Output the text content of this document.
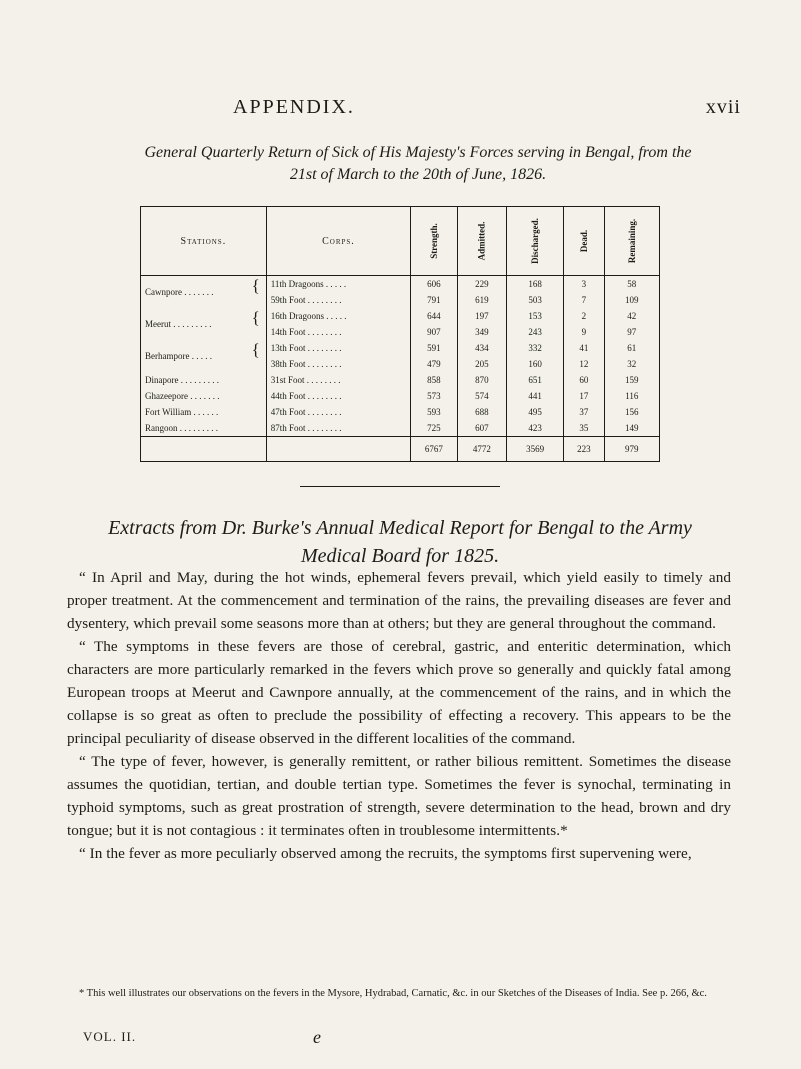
APPENDIX.	xvii
General Quarterly Return of Sick of His Majesty's Forces serving in Bengal, from the
21st of March to the 20th of June, 1826.
Stations.	Corps.	Strength.	Admitted.	Discharged.	Dead.	Remaining.

Cawnpore . . . . . . . {	11th Dragoons . . . . .	606	229	168	3	58
	59th Foot . . . . . . . .	791	619	503	7	109

Meerut . . . . . . . . . {	16th Dragoons . . . . .	644	197	153	2	42
	14th Foot . . . . . . . .	907	349	243	9	97

Berhampore . . . . . {	13th Foot . . . . . . . .	591	434	332	41	61
	38th Foot . . . . . . . .	479	205	160	12	32
Dinapore . . . . . . . . .	31st Foot . . . . . . . .	858	870	651	60	159
Ghazeepore . . . . . . .	44th Foot . . . . . . . .	573	574	441	17	116
Fort William . . . . . .	47th Foot . . . . . . . .	593	688	495	37	156
Rangoon . . . . . . . . .	87th Foot . . . . . . . .	725	607	423	35	149
		6767	4772	3569	223	979
Extracts from Dr. Burke's Annual Medical Report for Bengal to the Army
Medical Board for 1825.

“ In April and May, during the hot winds, ephemeral fevers prevail, which yield easily to timely and proper treatment. At the commencement and termination of the rains, the prevailing diseases are fever and dysentery, which prevail some seasons more than at others; but they are general throughout the command.

“ The symptoms in these fevers are those of cerebral, gastric, and enteritic determination, which characters are more particularly remarked in the fevers which prove so generally and quickly fatal among European troops at Meerut and Cawnpore annually, at the commencement of the rains, and in which the collapse is so great as often to preclude the possibility of effecting a recovery. This appears to be the principal peculiarity of disease observed in the different localities of the command.

“ The type of fever, however, is generally remittent, or rather bilious remittent. Sometimes the disease assumes the quotidian, tertian, and double tertian type. Sometimes the fever is synochal, terminating in typhoid symptoms, such as great prostration of strength, severe determination to the head, brown and dry tongue; but it is not contagious : it terminates often in troublesome intermittents.*

“ In the fever as more peculiarly observed among the recruits, the symptoms first supervening were,

* This well illustrates our observations on the fevers in the Mysore, Hydrabad, Carnatic, &c. in our Sketches of the Diseases of India. See p. 266, &c.

VOL. II.	e
